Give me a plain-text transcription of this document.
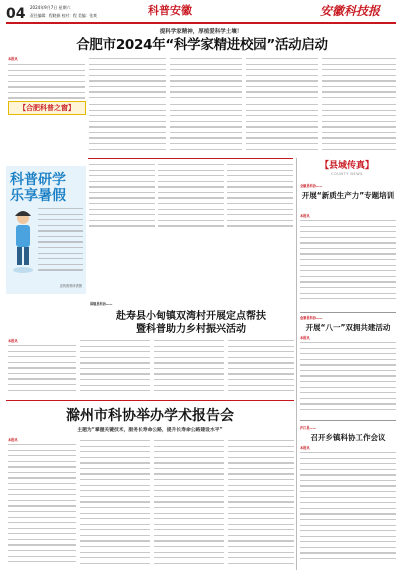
04 2024年9月7日 星期六
责任编辑：程晓娟 校对：程 美编：张爽	科普安徽	安徽科技报
提科学家精神，厚植爱科学土壤！
合肥市2024年“科学家精进校园”活动启动
本报讯
【合肥科普之窗】
科普研学
乐享暑假
宣传资料所供图
【县域传真】
COUNTY NEWS
全椒县科协——
开展“新质生产力”专题培训
本报讯
金寨县科协——
开展“八一”双拥共建活动
本报讯
庐江县——
召开乡镇科协工作会议
本报讯
固镇县科协——
赴寿县小甸镇双湾村开展定点帮扶
暨科普助力乡村振兴活动
本报讯
滁州市科协举办学术报告会
主题为“掌握关键技术，服务长寿命公路，提升长寿命公路建设水平”
本报讯
